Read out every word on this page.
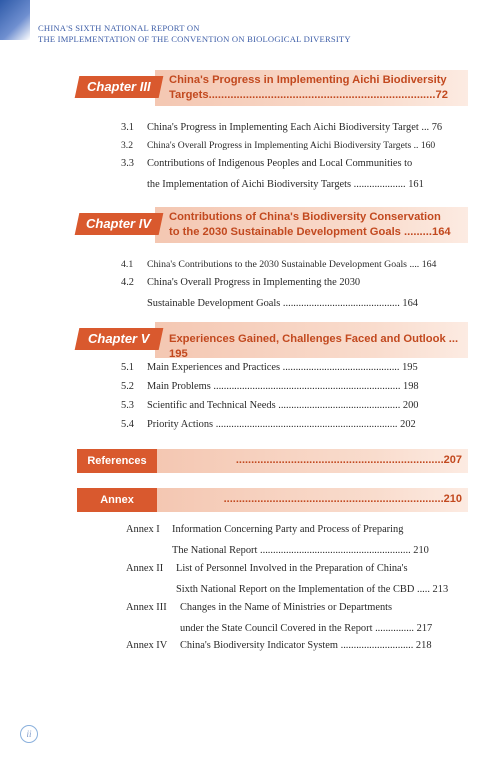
CHINA'S SIXTH NATIONAL REPORT ON
THE IMPLEMENTATION OF THE CONVENTION ON BIOLOGICAL DIVERSITY
Chapter III	China's Progress in Implementing Aichi Biodiversity
Targets.........................................................................72
3.1 China's Progress in Implementing Each Aichi Biodiversity Target ... 76
3.2 China's Overall Progress in Implementing Aichi Biodiversity Targets .. 160
3.3 Contributions of Indigenous Peoples and Local Communities to
the Implementation of Aichi Biodiversity Targets .................... 161
Chapter IV	Contributions of China's Biodiversity Conservation
to the 2030 Sustainable Development Goals .........164
4.1 China's Contributions to the 2030 Sustainable Development Goals .... 164
4.2 China's Overall Progress in Implementing the 2030
Sustainable Development Goals ............................................. 164
Chapter V	Experiences Gained, Challenges Faced and Outlook ... 195
5.1 Main Experiences and Practices ............................................. 195
5.2 Main Problems ........................................................................ 198
5.3 Scientific and Technical Needs ............................................... 200
5.4 Priority Actions ...................................................................... 202
References	....................................................................207
Annex	........................................................................210
Annex I Information Concerning Party and Process of Preparing
The National Report .......................................................... 210
Annex II List of Personnel Involved in the Preparation of China's
Sixth National Report on the Implementation of the CBD ..... 213
Annex III Changes in the Name of Ministries or Departments
under the State Council Covered in the Report ............... 217
Annex IV China's Biodiversity Indicator System ............................ 218
ii
